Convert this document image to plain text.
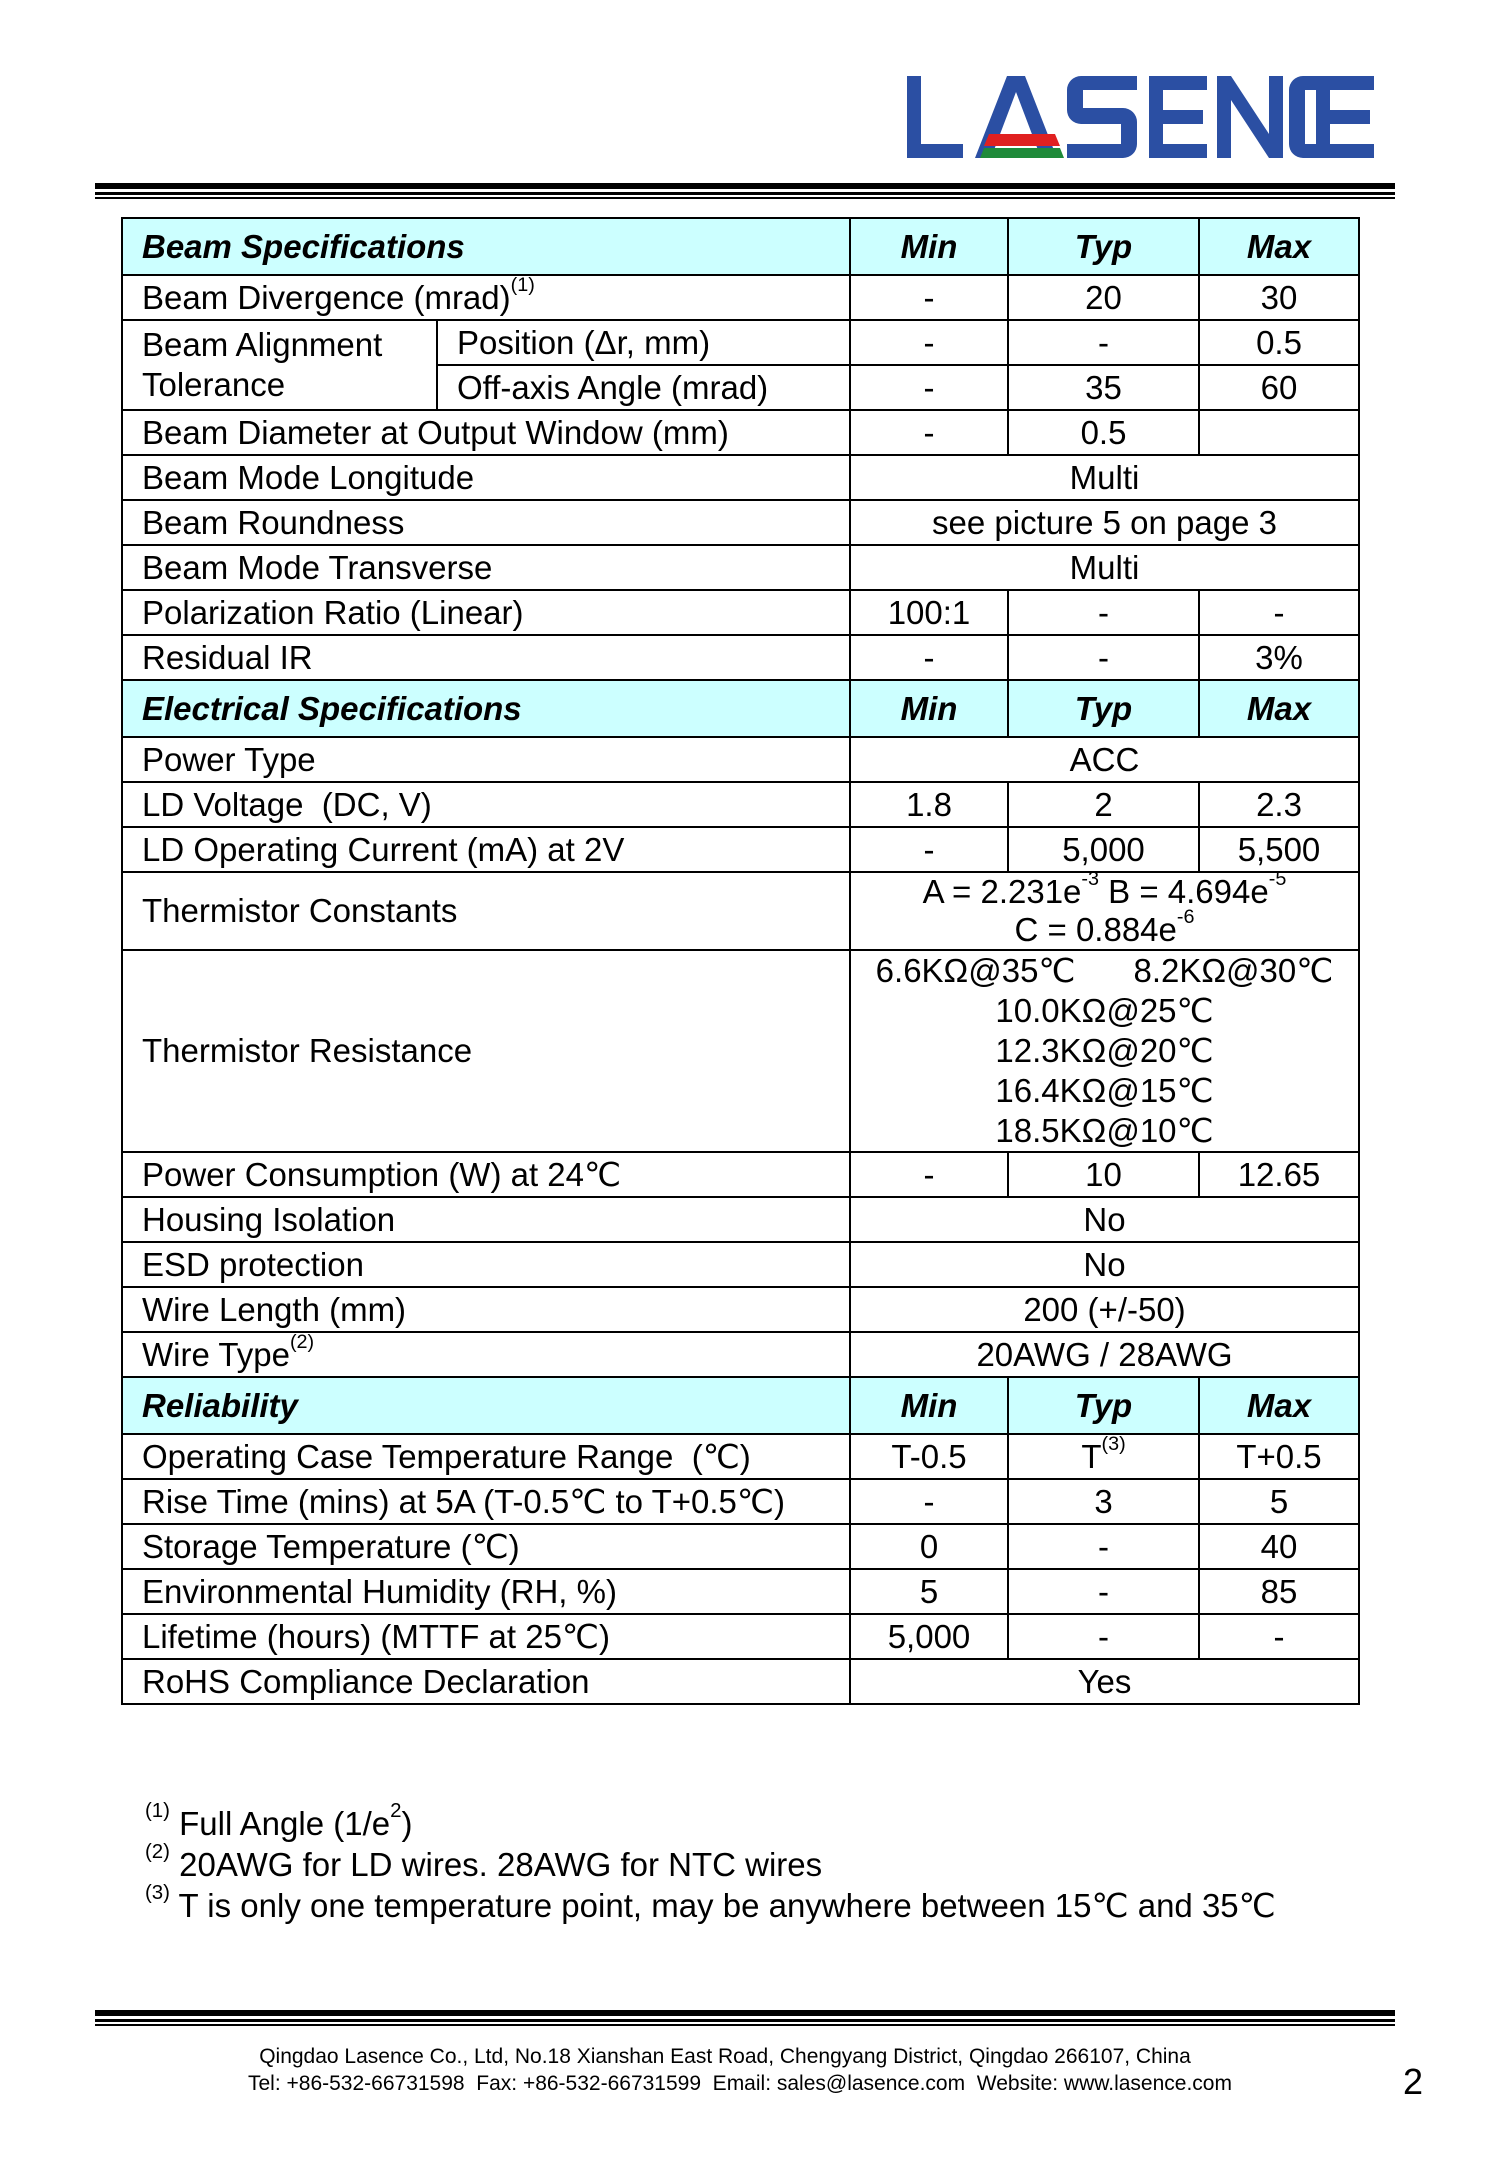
Beam Specifications		Min	Typ	Max
Beam Divergence (mrad)$^{(1)}$		-	20	30
Beam Alignment Tolerance	Position (Δr, mm)	-	-	0.5
	Off-axis Angle (mrad)	-	35	60
Beam Diameter at Output Window (mm)		-	0.5	
Beam Mode Longitude		Multi		
Beam Roundness		see picture 5 on page 3		
Beam Mode Transverse		Multi		
Polarization Ratio (Linear)		100:1	-	-
Residual IR		-	-	3%
Electrical Specifications		Min	Typ	Max
Power Type		ACC		
LD Voltage  (DC, V)		1.8	2	2.3
LD Operating Current (mA) at 2V		-	5,000	5,500
Thermistor Constants		$A = 2.231e^{-3}$ $B = 4.694e^{-5}$
$C = 0.884e^{-6}$

Thermistor Resistance		6.6KΩ@35℃ 8.2KΩ@30℃
10.0KΩ@25℃
12.3KΩ@20℃
16.4KΩ@15℃
18.5KΩ@10℃		

Power Consumption (W) at 24℃		-	10	12.65
Housing Isolation		No		
ESD protection		No		
Wire Length (mm)		200 (+/-50)		
Wire Type$^{(2)}$		20AWG / 28AWG		
Reliability		Min	Typ	Max
Operating Case Temperature Range  (℃)		T-0.5	$T^{(3)}$	T+0.5
Rise Time (mins) at 5A (T-0.5℃ to T+0.5℃)		-	3	5
Storage Temperature (℃)		0	-	40
Environmental Humidity (RH, %)		5	-	85
Lifetime (hours) (MTTF at 25℃)		5,000	-	-
RoHS Compliance Declaration		Yes		
$^{(1)}$ Full Angle $(1/e^2)$
$^{(2)}$ 20AWG for LD wires. 28AWG for NTC wires
$^{(3)}$ T is only one temperature point, may be anywhere between 15℃ and 35℃
Qingdao Lasence Co., Ltd, No.18 Xianshan East Road, Chengyang District, Qingdao 266107, China
Tel: +86-532-66731598  Fax: +86-532-66731599  Email: sales@lasence.com  Website: www.lasence.com	2
